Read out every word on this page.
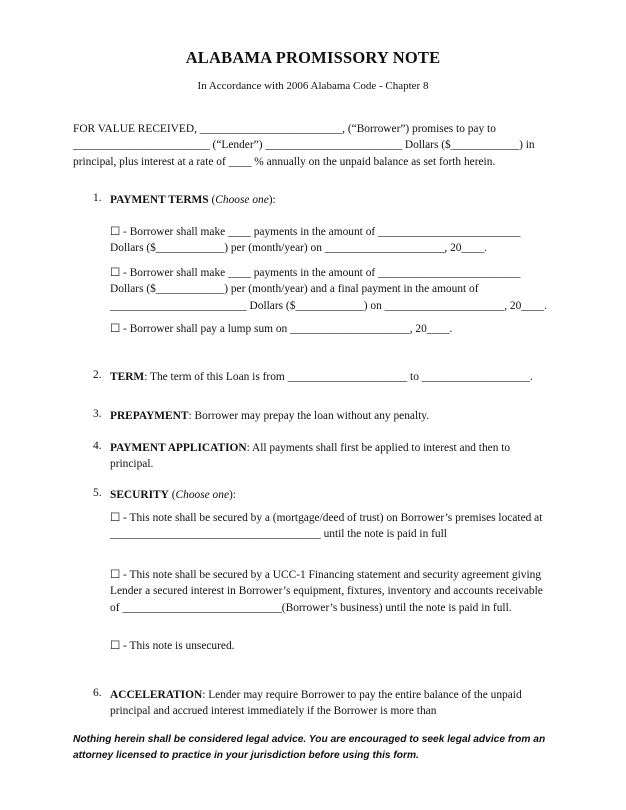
ALABAMA PROMISSORY NOTE
In Accordance with 2006 Alabama Code - Chapter 8
FOR VALUE RECEIVED, _________________________, (“Borrower”) promises to pay to ________________________ (“Lender”) ________________________ Dollars ($____________) in principal, plus interest at a rate of ____ % annually on the unpaid balance as set forth herein.
1. PAYMENT TERMS (Choose one):
☐ - Borrower shall make ____ payments in the amount of _________________________ Dollars ($____________) per (month/year) on _____________________, 20____.
☐ - Borrower shall make ____ payments in the amount of _________________________ Dollars ($____________) per (month/year) and a final payment in the amount of ________________________ Dollars ($____________) on _____________________, 20____.
☐ - Borrower shall pay a lump sum on _____________________, 20____.
2. TERM: The term of this Loan is from _____________________ to ___________________.
3. PREPAYMENT: Borrower may prepay the loan without any penalty.
4. PAYMENT APPLICATION: All payments shall first be applied to interest and then to principal.
5. SECURITY (Choose one):
☐ - This note shall be secured by a (mortgage/deed of trust) on Borrower’s premises located at _____________________________________ until the note is paid in full
☐ - This note shall be secured by a UCC-1 Financing statement and security agreement giving Lender a secured interest in Borrower’s equipment, fixtures, inventory and accounts receivable of ____________________________(Borrower’s business) until the note is paid in full.
☐ - This note is unsecured.
6. ACCELERATION: Lender may require Borrower to pay the entire balance of the unpaid principal and accrued interest immediately if the Borrower is more than
Nothing herein shall be considered legal advice. You are encouraged to seek legal advice from an attorney licensed to practice in your jurisdiction before using this form.
